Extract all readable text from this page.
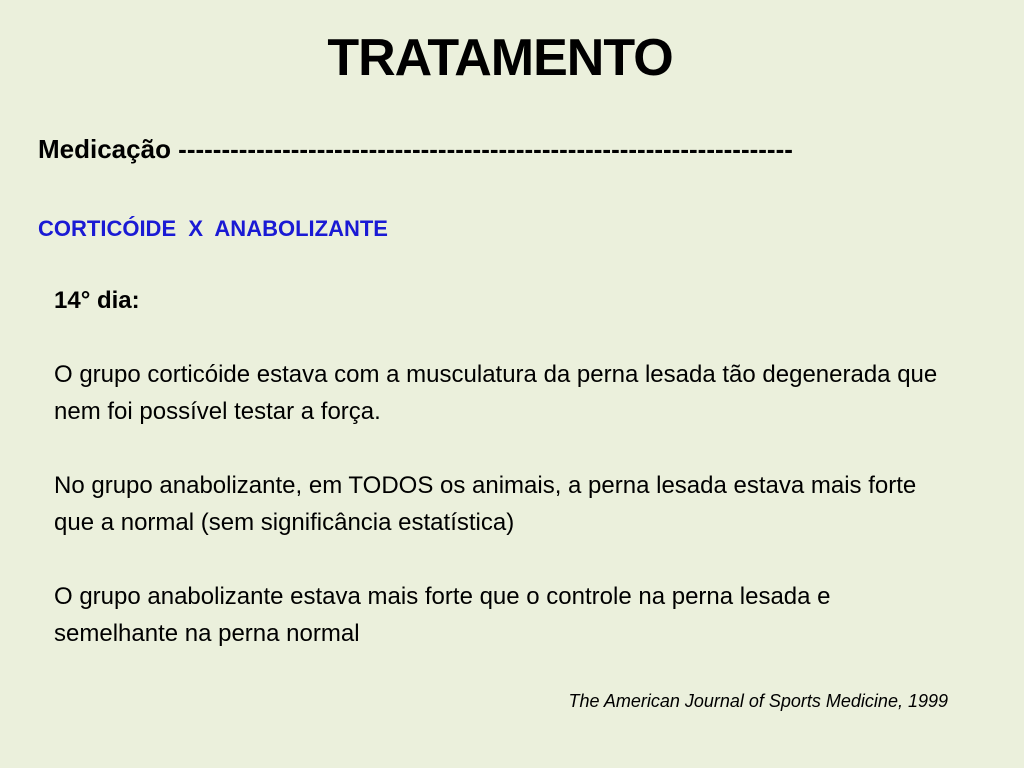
TRATAMENTO
Medicação -----------------------------------------------------------------------
CORTICÓIDE  X  ANABOLIZANTE
14° dia:

O grupo corticóide estava com a musculatura da perna lesada tão degenerada que nem foi possível testar a força.

No grupo anabolizante, em TODOS os animais, a perna lesada estava mais forte que a normal (sem significância estatística)

O grupo anabolizante estava mais forte que o controle na perna lesada e semelhante na perna normal

The American Journal of Sports Medicine, 1999
